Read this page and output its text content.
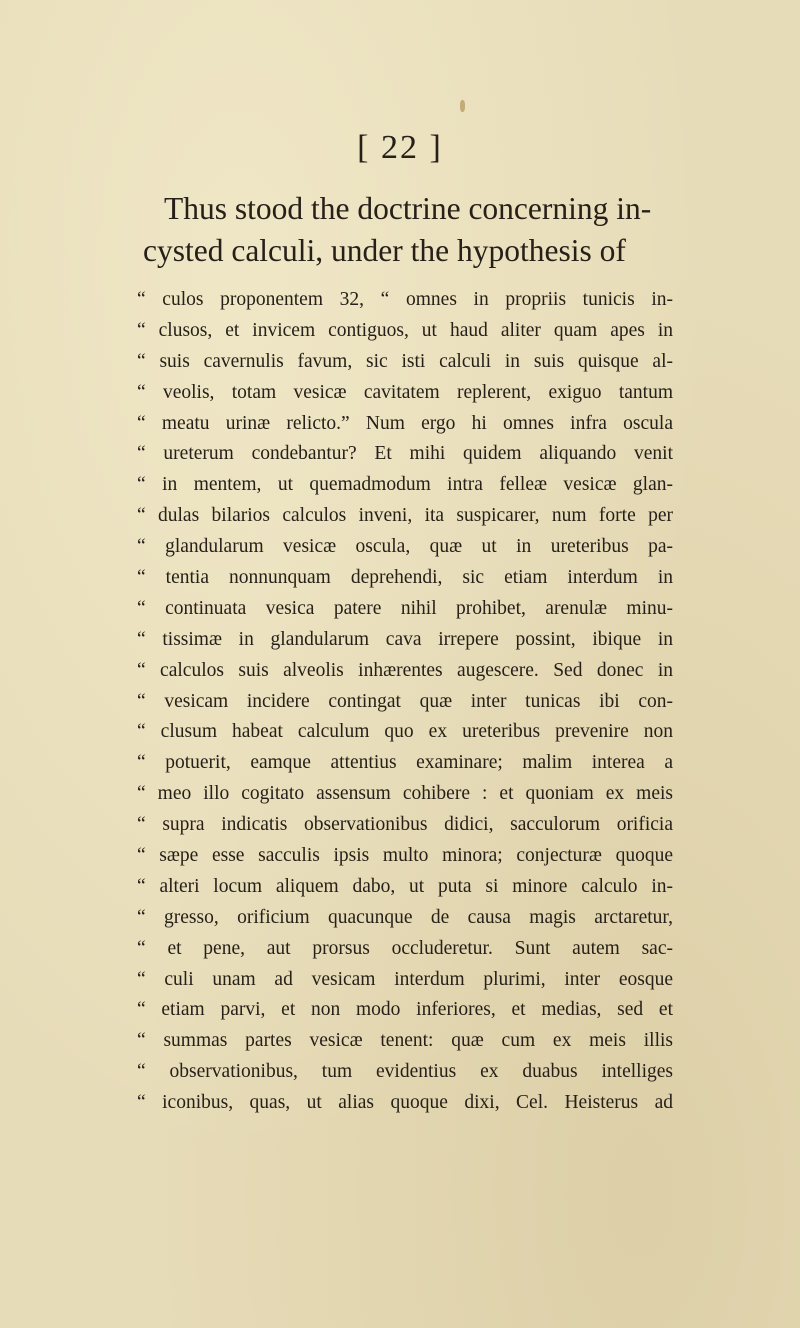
[ 22 ]
Thus stood the doctrine concerning in-
cysted calculi, under the hypothesis of
“ culos proponentem 32, “ omnes in propriis tunicis in-
“ clusos, et invicem contiguos, ut haud aliter quam apes in
“ suis cavernulis favum, sic isti calculi in suis quisque al-
“ veolis, totam vesicæ cavitatem replerent, exiguo tantum
“ meatu urinæ relicto.” Num ergo hi omnes infra oscula
“ ureterum condebantur? Et mihi quidem aliquando venit
“ in mentem, ut quemadmodum intra felleæ vesicæ glan-
“ dulas bilarios calculos inveni, ita suspicarer, num forte per
“ glandularum vesicæ oscula, quæ ut in ureteribus pa-
“ tentia nonnunquam deprehendi, sic etiam interdum in
“ continuata vesica patere nihil prohibet, arenulæ minu-
“ tissimæ in glandularum cava irrepere possint, ibique in
“ calculos suis alveolis inhærentes augescere. Sed donec in
“ vesicam incidere contingat quæ inter tunicas ibi con-
“ clusum habeat calculum quo ex ureteribus prevenire non
“ potuerit, eamque attentius examinare; malim interea a
“ meo illo cogitato assensum cohibere : et quoniam ex meis
“ supra indicatis observationibus didici, sacculorum orificia
“ sæpe esse sacculis ipsis multo minora; conjecturæ quoque
“ alteri locum aliquem dabo, ut puta si minore calculo in-
“ gresso, orificium quacunque de causa magis arctaretur,
“ et pene, aut prorsus occluderetur. Sunt autem sac-
“ culi unam ad vesicam interdum plurimi, inter eosque
“ etiam parvi, et non modo inferiores, et medias, sed et
“ summas partes vesicæ tenent: quæ cum ex meis illis
“ observationibus, tum evidentius ex duabus intelliges
“ iconibus, quas, ut alias quoque dixi, Cel. Heisterus ad
